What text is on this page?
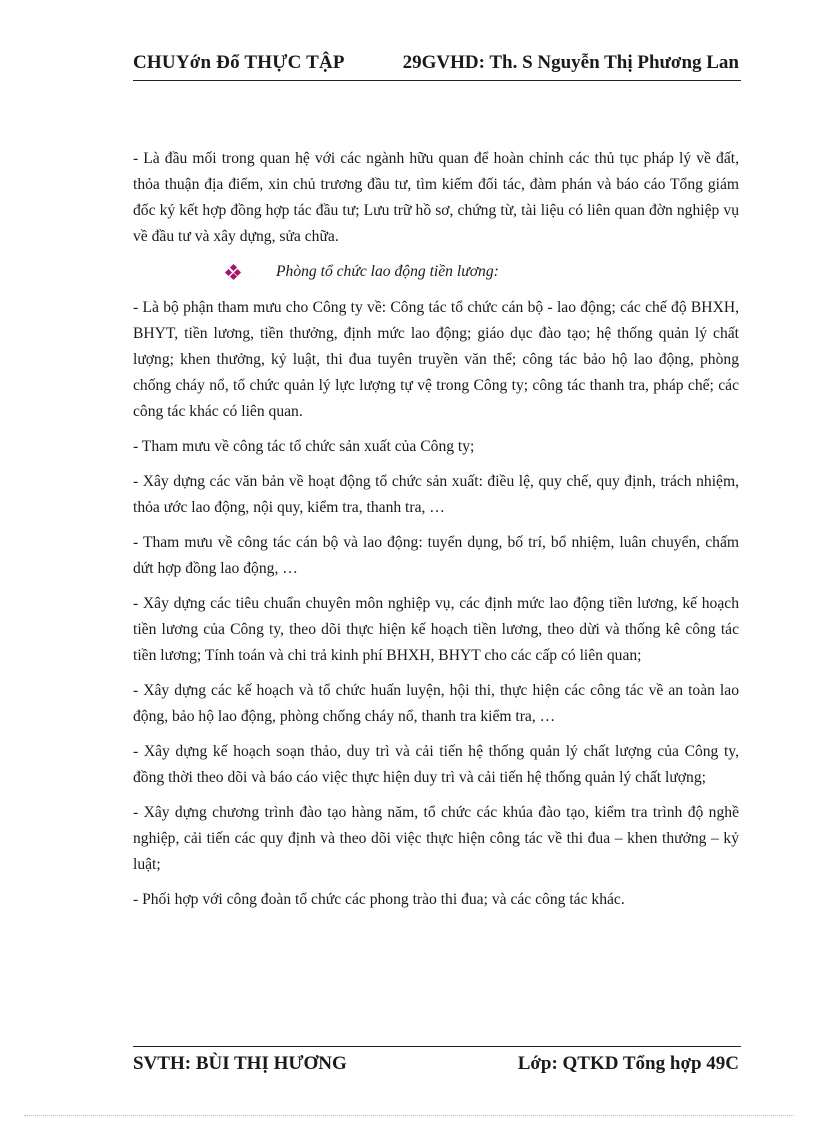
CHUYớn Đổ THỰC TẬP	29GVHD: Th. S Nguyễn Thị Phương Lan

- Là đầu mối trong quan hệ với các ngành hữu quan để hoàn chỉnh các thủ tục pháp lý về đất, thỏa thuận địa điểm, xin chủ trương đầu tư, tìm kiếm đối tác, đàm phán và báo cáo Tổng giám đốc ký kết hợp đồng hợp tác đầu tư; Lưu trữ hồ sơ, chứng từ, tài liệu có liên quan đờn nghiệp vụ về đầu tư và xây dựng, sửa chữa.

Phòng tổ chức lao động tiền lương:

- Là bộ phận tham mưu cho Công ty về: Công tác tổ chức cán bộ - lao động; các chế độ BHXH, BHYT, tiền lương, tiền thưởng, định mức lao động; giáo dục đào tạo; hệ thống quản lý chất lượng; khen thưởng, kỷ luật, thi đua tuyên truyền văn thể; công tác bảo hộ lao động, phòng chống cháy nổ, tổ chức quản lý lực lượng tự vệ trong Công ty; công tác thanh tra, pháp chế; các công tác khác có liên quan.

- Tham mưu về công tác tổ chức sản xuất của Công ty;

- Xây dựng các văn bản về hoạt động tổ chức sản xuất: điều lệ, quy chế, quy định, trách nhiệm, thỏa ước lao động, nội quy, kiểm tra, thanh tra, …

- Tham mưu về công tác cán bộ và lao động: tuyển dụng, bố trí, bổ nhiệm, luân chuyển, chấm dứt hợp đồng lao động, …

- Xây dựng các tiêu chuẩn chuyên môn nghiệp vụ, các định mức lao động tiền lương, kế hoạch tiền lương của Công ty, theo dõi thực hiện kế hoạch tiền lương, theo dừi và thống kê công tác tiền lương; Tính toán và chi trả kinh phí BHXH, BHYT cho các cấp có liên quan;

- Xây dựng các kế hoạch và tổ chức huấn luyện, hội thi, thực hiện các công tác về an toàn lao động, bảo hộ lao động, phòng chống cháy nổ, thanh tra kiểm tra, …

- Xây dựng kế hoạch soạn thảo, duy trì và cải tiến hệ thống quản lý chất lượng của Công ty, đồng thời theo dõi và báo cáo việc thực hiện duy trì và cải tiến hệ thống quản lý chất lượng;

- Xây dựng chương trình đào tạo hàng năm, tổ chức các khúa đào tạo, kiểm tra trình độ nghề nghiệp, cải tiến các quy định và theo dõi việc thực hiện công tác về thi đua – khen thưởng – kỷ luật;

- Phối hợp với công đoàn tổ chức các phong trào thi đua; và các công tác khác.

SVTH: BÙI THỊ HƯƠNG	Lớp: QTKD Tổng hợp 49C
